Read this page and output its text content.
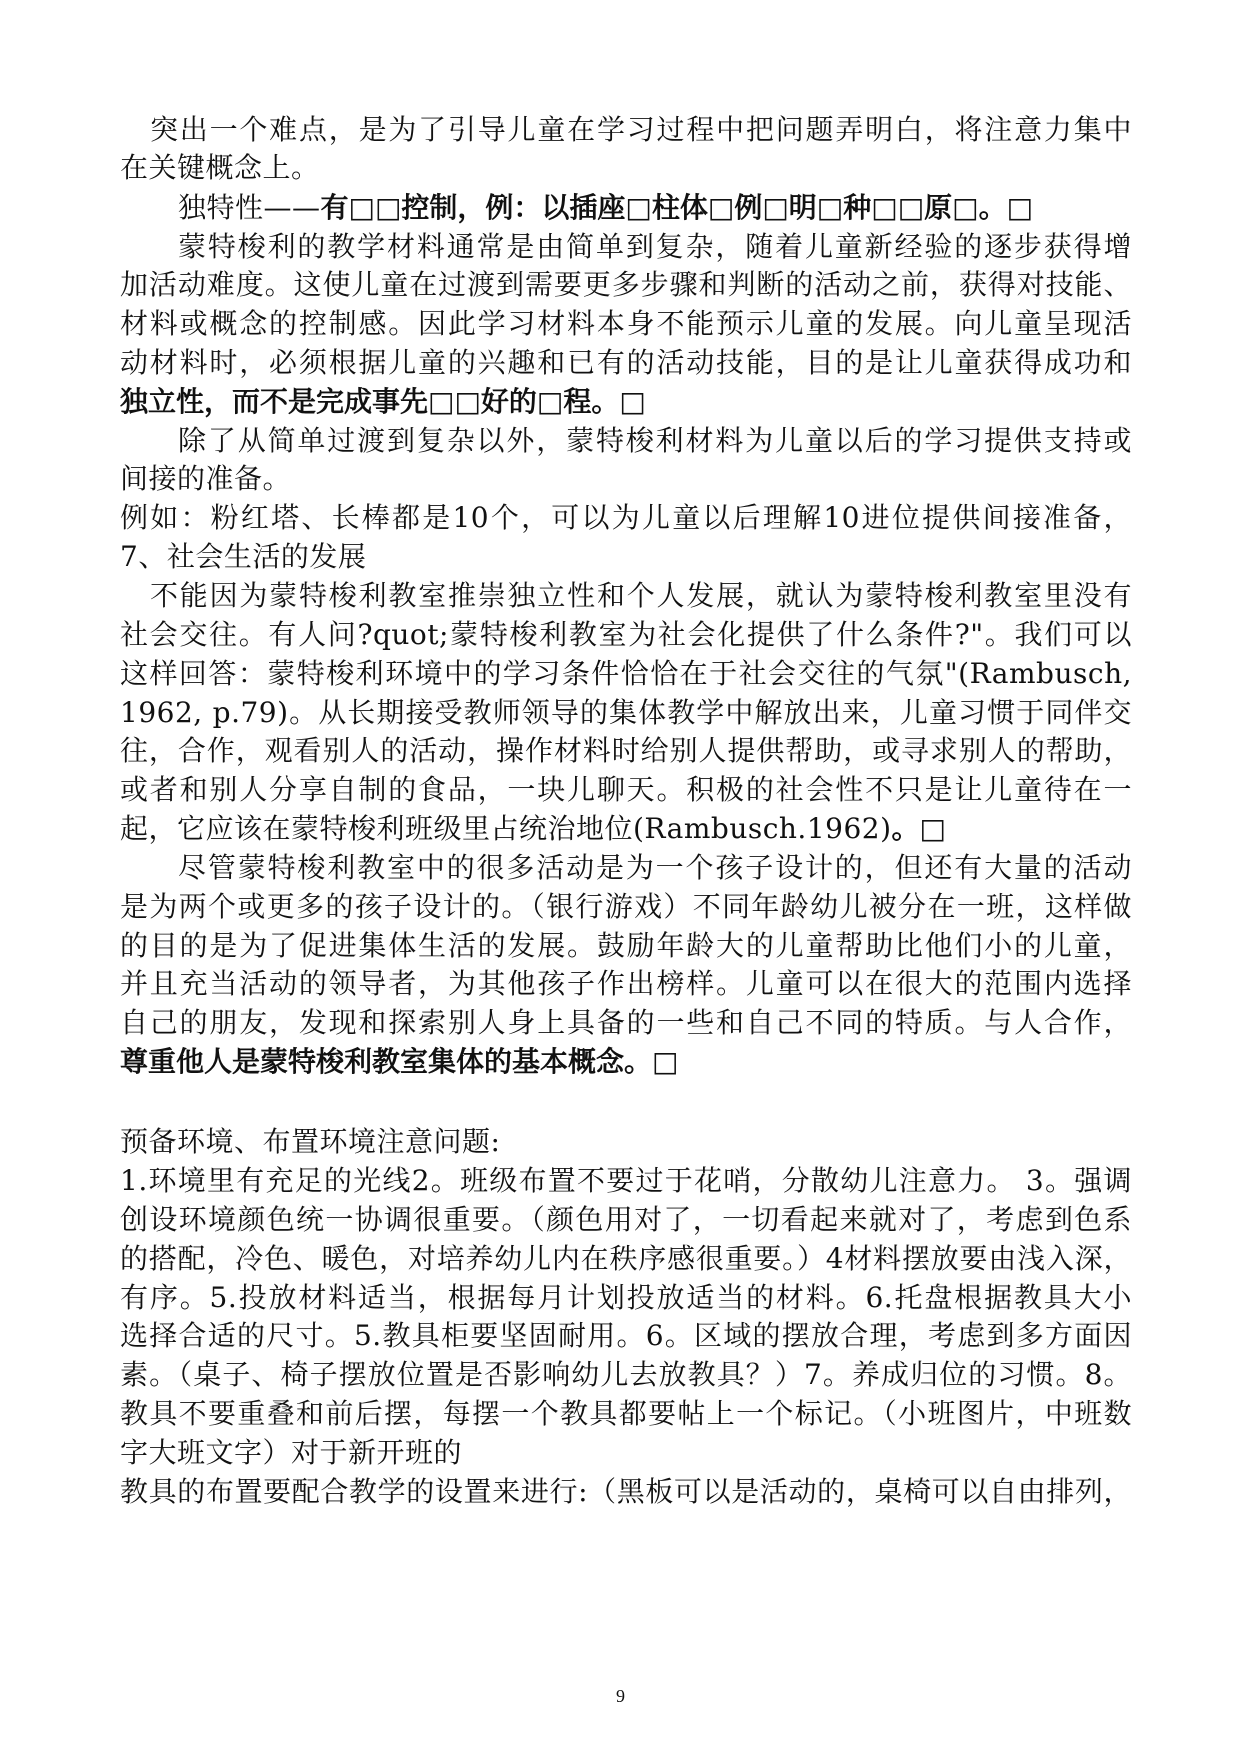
突出一个难点，是为了引导儿童在学习过程中把问题弄明白，将注意力集中
在关键概念上。
独特性——有□□控制，例：以插座□柱体□例□明□种□□原□。□
蒙特梭利的教学材料通常是由简单到复杂，随着儿童新经验的逐步获得增
加活动难度。这使儿童在过渡到需要更多步骤和判断的活动之前，获得对技能、
材料或概念的控制感。因此学习材料本身不能预示儿童的发展。向儿童呈现活
动材料时，必须根据儿童的兴趣和已有的活动技能，目的是让儿童获得成功和
独立性，而不是完成事先□□好的□程。□
除了从简单过渡到复杂以外，蒙特梭利材料为儿童以后的学习提供支持或
间接的准备。
例如：粉红塔、长棒都是10个，可以为儿童以后理解10进位提供间接准备，
7、社会生活的发展
不能因为蒙特梭利教室推崇独立性和个人发展，就认为蒙特梭利教室里没有
社会交往。有人问?quot;蒙特梭利教室为社会化提供了什么条件?"。我们可以
这样回答：蒙特梭利环境中的学习条件恰恰在于社会交往的气氛"(Rambusch,
1962, p.79)。从长期接受教师领导的集体教学中解放出来，儿童习惯于同伴交
往，合作，观看别人的活动，操作材料时给别人提供帮助，或寻求别人的帮助，
或者和别人分享自制的食品，一块儿聊天。积极的社会性不只是让儿童待在一
起，它应该在蒙特梭利班级里占统治地位(Rambusch.1962)。□
尽管蒙特梭利教室中的很多活动是为一个孩子设计的，但还有大量的活动
是为两个或更多的孩子设计的。（银行游戏）不同年龄幼儿被分在一班，这样做
的目的是为了促进集体生活的发展。鼓励年龄大的儿童帮助比他们小的儿童，
并且充当活动的领导者，为其他孩子作出榜样。儿童可以在很大的范围内选择
自己的朋友，发现和探索别人身上具备的一些和自己不同的特质。与人合作，
尊重他人是蒙特梭利教室集体的基本概念。□
预备环境、布置环境注意问题:
1.环境里有充足的光线2。班级布置不要过于花哨，分散幼儿注意力。 3。强调
创设环境颜色统一协调很重要。（颜色用对了，一切看起来就对了，考虑到色系
的搭配，冷色、暖色，对培养幼儿内在秩序感很重要。）4材料摆放要由浅入深，
有序。5.投放材料适当，根据每月计划投放适当的材料。6.托盘根据教具大小
选择合适的尺寸。5.教具柜要坚固耐用。6。区域的摆放合理，考虑到多方面因
素。（桌子、椅子摆放位置是否影响幼儿去放教具？）7。养成归位的习惯。8。
教具不要重叠和前后摆，每摆一个教具都要帖上一个标记。（小班图片，中班数
字大班文字）对于新开班的
教具的布置要配合教学的设置来进行:（黑板可以是活动的，桌椅可以自由排列，
9
